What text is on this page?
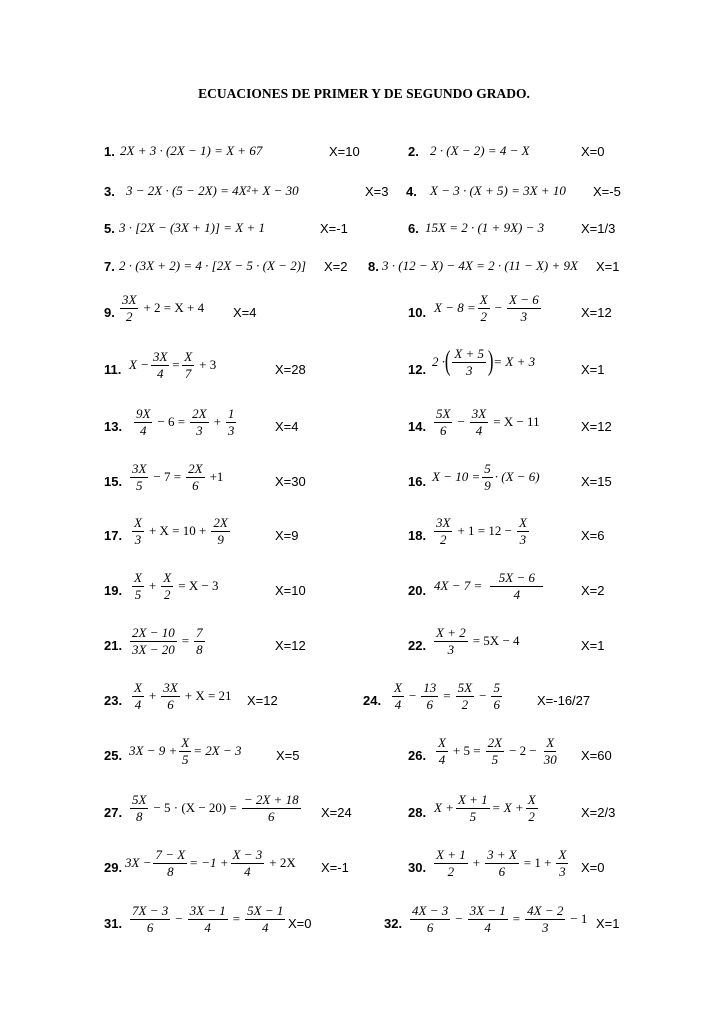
ECUACIONES DE PRIMER Y DE SEGUNDO GRADO.
1. 2X + 3 · (2X − 1) = X + 67	X=10	2. 2 · (X − 2) = 4 − X	X=0
3. 3 − 2X · (5 − 2X) = 4X²+ X − 30	X=3 4. X − 3 · (X + 5) = 3X + 10 X=-5
5. 3 · [2X − (3X + 1)] = X + 1	X=-1	6. 15X = 2 · (1 + 9X) − 3	X=1/3
7. 2 · (3X + 2) = 4 · [2X − 5 · (X − 2)] X=2 8. 3 · (12 − X) − 4X = 2 · (11 − X) + 9X X=1
9. $\frac{3X}{2} + 2 = X + 4$ X=4	10. $X - 8 = \frac{X}{2} - \frac{X - 6}{3}$	X=12
11. $X - \frac{3X}{4} = \frac{X}{7} + 3$	X=28	12.
2 · ( $\frac{X + 5}{3}$ ) = X + 3
X=1
13. $\frac{9X}{4} - 6 = \frac{2X}{3} + \frac{1}{3}$	X=4	14. $\frac{5X}{6} - \frac{3X}{4} = X - 11$	X=12
15. $\frac{3X}{5} - 7 = \frac{2X}{6} +1$	X=30	16. $X - 10 = \frac{5}{9} \cdot (X - 6)$	X=15
17. $\frac{X}{3} + X = 10 + \frac{2X}{9}$	X=9	18. $\frac{3X}{2} + 1 = 12 - \frac{X}{3}$	X=6
19. $\frac{X}{5} + \frac{X}{2} = X - 3$	X=10	20. $4X - 7 = \frac{5X - 6}{4}$	X=2
21. $\frac{2X - 10}{3X - 20} = \frac{7}{8}$	X=12	22. $\frac{X + 2}{3} = 5X - 4$	X=1
23. $\frac{X}{4} + \frac{3X}{6} + X = 21$ X=12	24. $\frac{X}{4} - \frac{13}{6} = \frac{5X}{2} - \frac{5}{6}$	X=-16/27
25. $3X - 9 + \frac{X}{5} = 2X - 3$	X=5	26. $\frac{X}{4} + 5 = \frac{2X}{5} - 2 - \frac{X}{30} X=60$
27. $\frac{5X}{8} - 5 \cdot (X - 20) = \frac{- 2X + 18}{6} X=24$	28. $X + \frac{X + 1}{5} = X + \frac{X}{2}$	X=2/3
29. $3X - \frac{7 - X}{8} = -1 + \frac{X - 3}{4} + 2X$ X=-1	30. $\frac{X + 1}{2} + \frac{3 + X}{6} = 1 + \frac{X}{3} X=0$
31. $\frac{7X - 3}{6} - \frac{3X - 1}{4} = \frac{5X - 1}{4} X=0$	32. $\frac{4X - 3}{6} - \frac{3X - 1}{4} = \frac{4X - 2}{3} - 1$ X=1
